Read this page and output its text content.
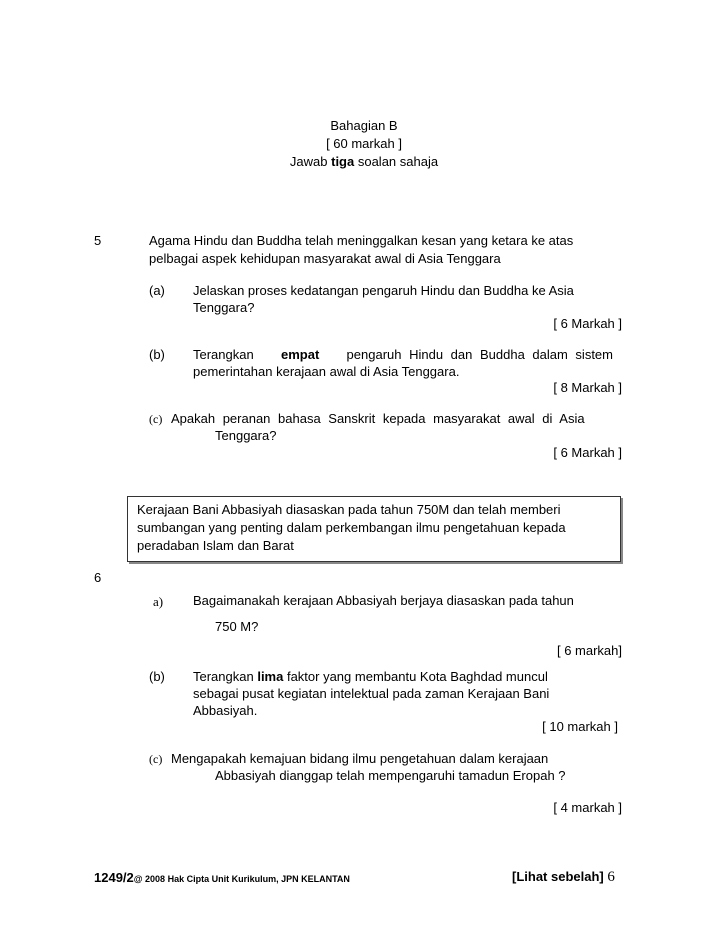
Bahagian B
[ 60 markah ]
Jawab tiga soalan sahaja
5	Agama Hindu dan Buddha telah meninggalkan kesan yang ketara ke atas
pelbagai aspek kehidupan masyarakat awal di Asia Tenggara
(a) Jelaskan proses kedatangan pengaruh Hindu dan Buddha ke Asia
Tenggara?
[ 6 Markah ]
(b) Terangkan empat pengaruh Hindu dan Buddha dalam sistem
pemerintahan kerajaan awal di Asia Tenggara.
[ 8 Markah ]
(c) Apakah peranan bahasa Sanskrit kepada masyarakat awal di Asia
Tenggara?
[ 6 Markah ]
Kerajaan Bani Abbasiyah diasaskan pada tahun 750M dan telah memberi
sumbangan yang penting dalam perkembangan ilmu pengetahuan kepada
peradaban Islam dan Barat
6
a) Bagaimanakah kerajaan Abbasiyah berjaya diasaskan pada tahun
750 M?
[ 6 markah]
(b) Terangkan lima faktor yang membantu Kota Baghdad muncul
sebagai pusat kegiatan intelektual pada zaman Kerajaan Bani
Abbasiyah.
[ 10 markah ]
(c) Mengapakah kemajuan bidang ilmu pengetahuan dalam kerajaan
Abbasiyah dianggap telah mempengaruhi tamadun Eropah ?
[ 4 markah ]
1249/2@ 2008 Hak Cipta Unit Kurikulum, JPN KELANTAN	[Lihat sebelah] 6
